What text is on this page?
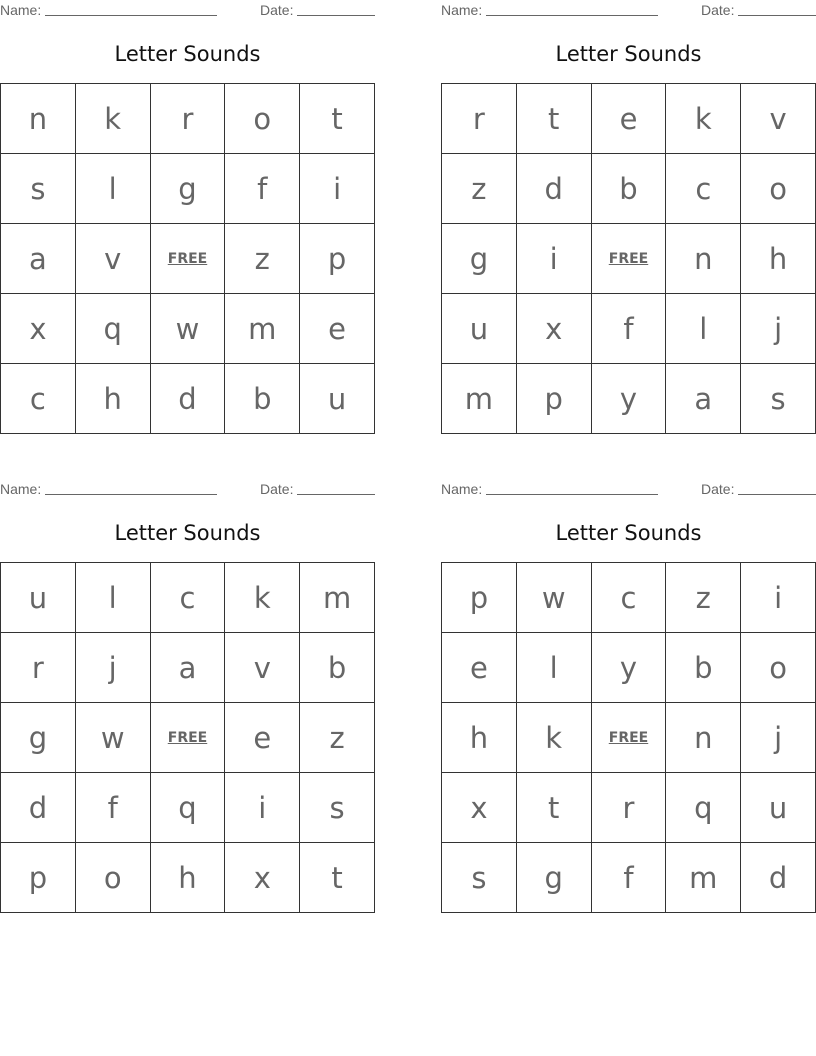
Name:	Date:
Letter Sounds
n	k	r	o	t
s	l	g	f	i
a	v	FREE	z	p
x	q	w	m	e
c	h	d	b	u
Name:	Date:
Letter Sounds
r	t	e	k	v
z	d	b	c	o
g	i	FREE	n	h
u	x	f	l	j
m	p	y	a	s
Name:	Date:
Letter Sounds
u	l	c	k	m
r	j	a	v	b
g	w	FREE	e	z
d	f	q	i	s
p	o	h	x	t
Name:	Date:
Letter Sounds
p	w	c	z	i
e	l	y	b	o
h	k	FREE	n	j
x	t	r	q	u
s	g	f	m	d
